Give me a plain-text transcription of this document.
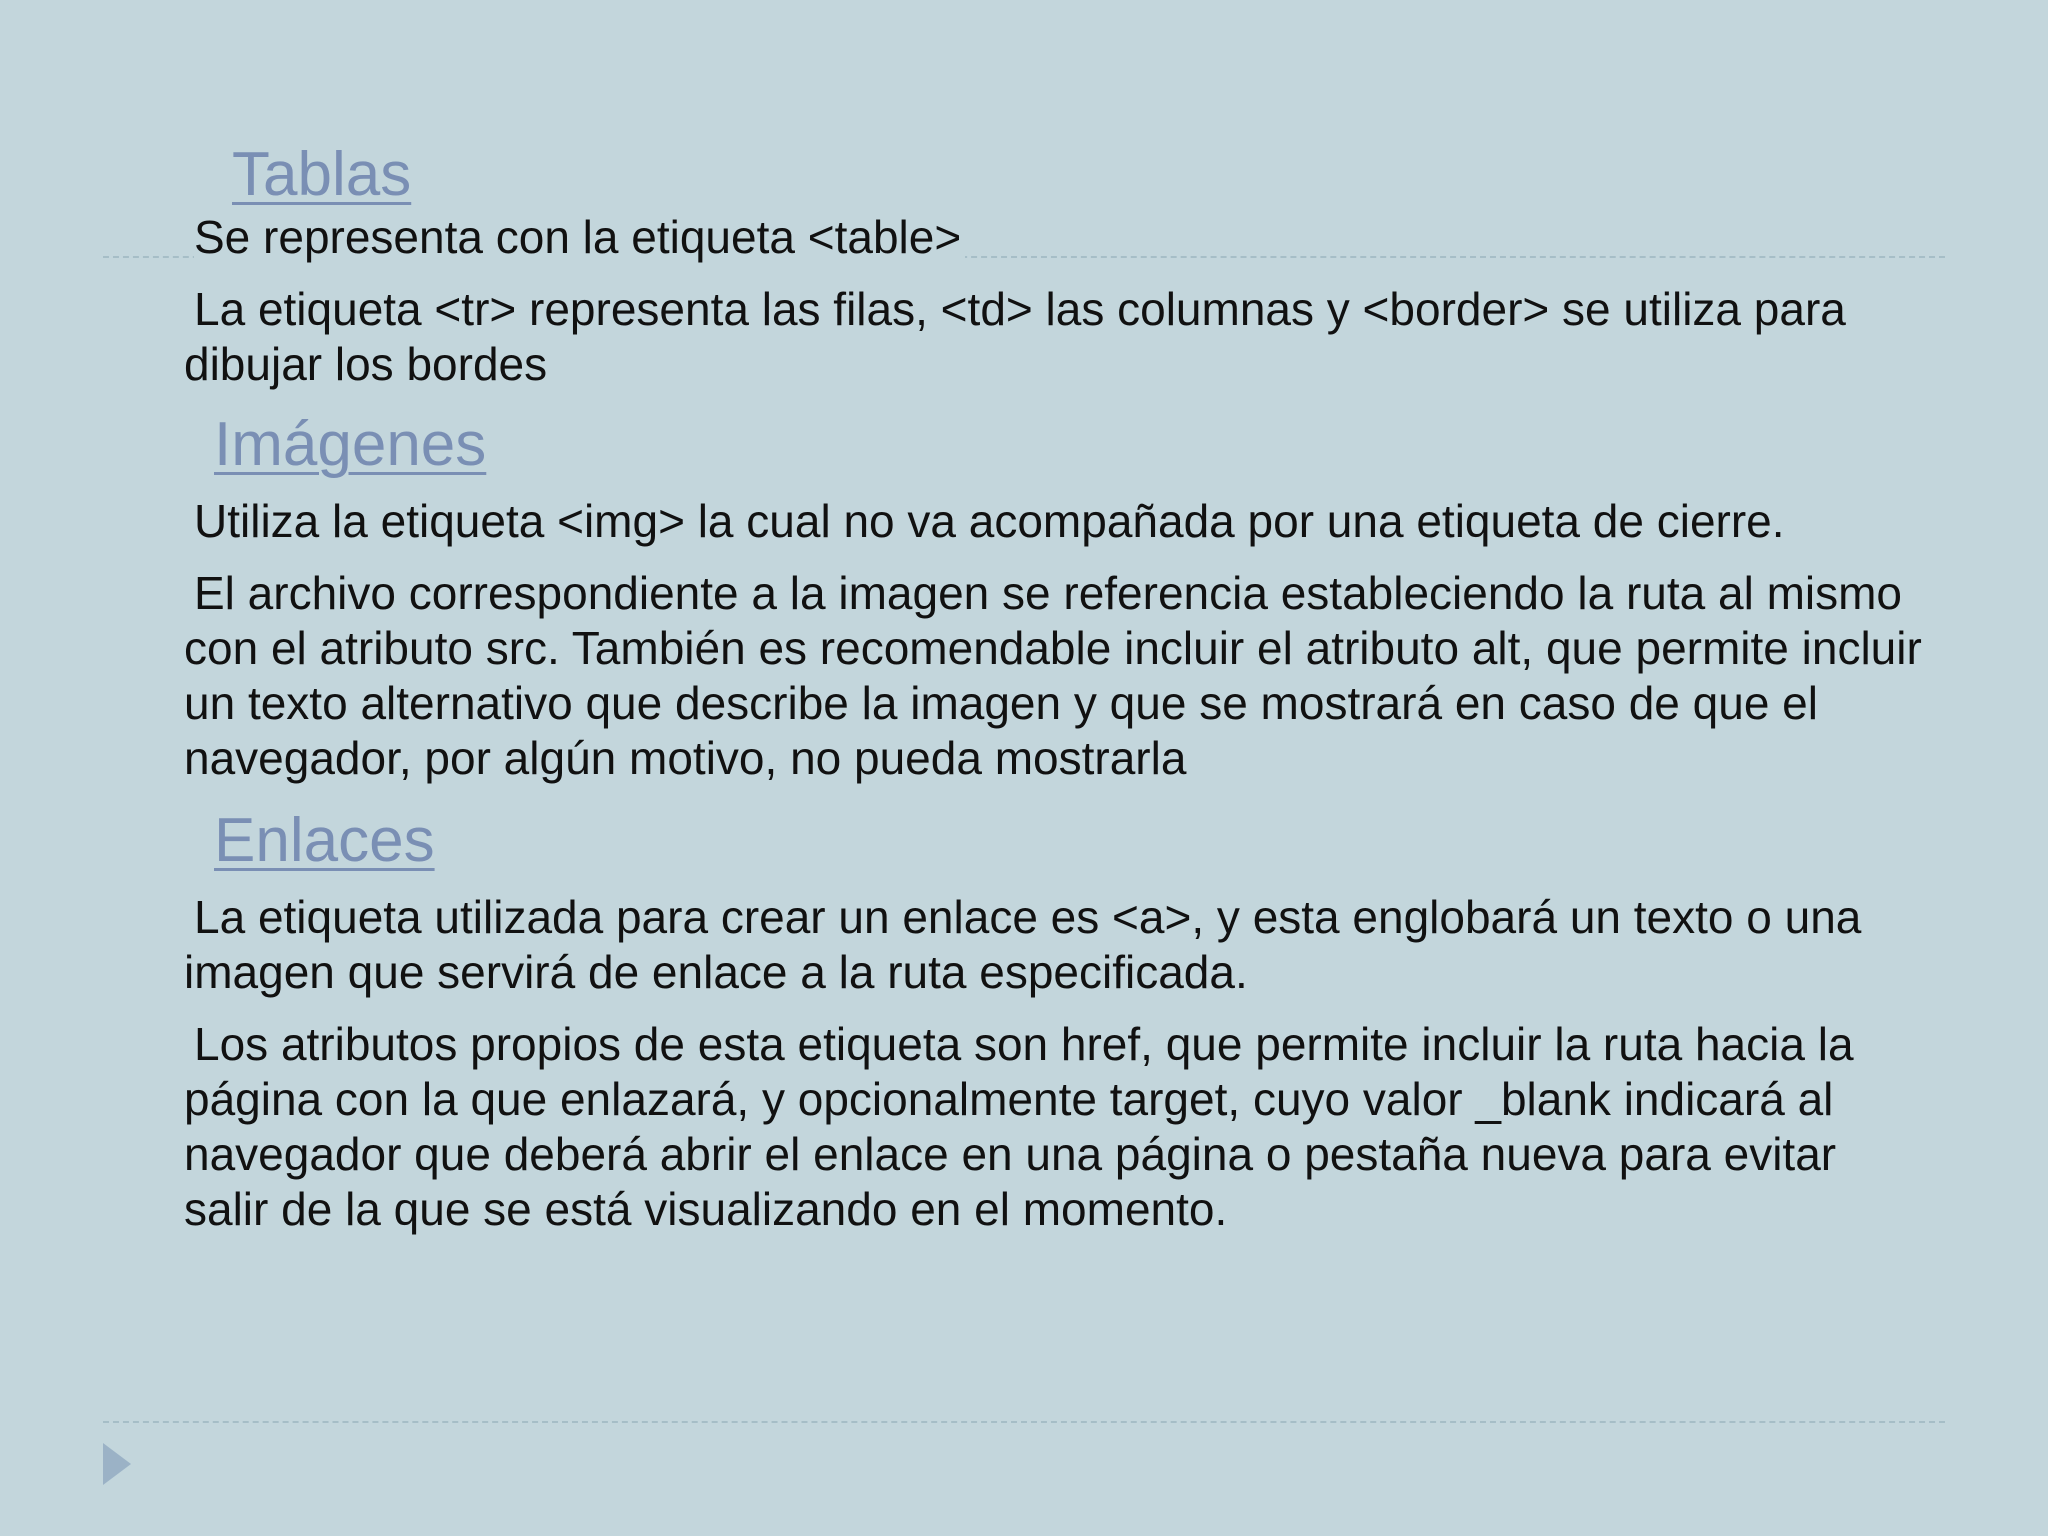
Tablas

Se representa con la etiqueta <table>

La etiqueta <tr> representa las filas, <td> las columnas y <border> se utiliza para dibujar los bordes

Imágenes

Utiliza la etiqueta <img> la cual no va acompañada por una etiqueta de cierre.

El archivo correspondiente a la imagen se referencia estableciendo la ruta al mismo con el atributo src. También es recomendable incluir el atributo alt, que permite incluir un texto alternativo que describe la imagen y que se mostrará en caso de que el navegador, por algún motivo, no pueda mostrarla

Enlaces

La etiqueta utilizada para crear un enlace es <a>, y esta englobará un texto o una imagen que servirá de enlace a la ruta especificada.

Los atributos propios de esta etiqueta son href, que permite incluir la ruta hacia la página con la que enlazará, y opcionalmente target, cuyo valor _blank indicará al navegador que deberá abrir el enlace en una página o pestaña nueva para evitar salir de la que se está visualizando en el momento.
